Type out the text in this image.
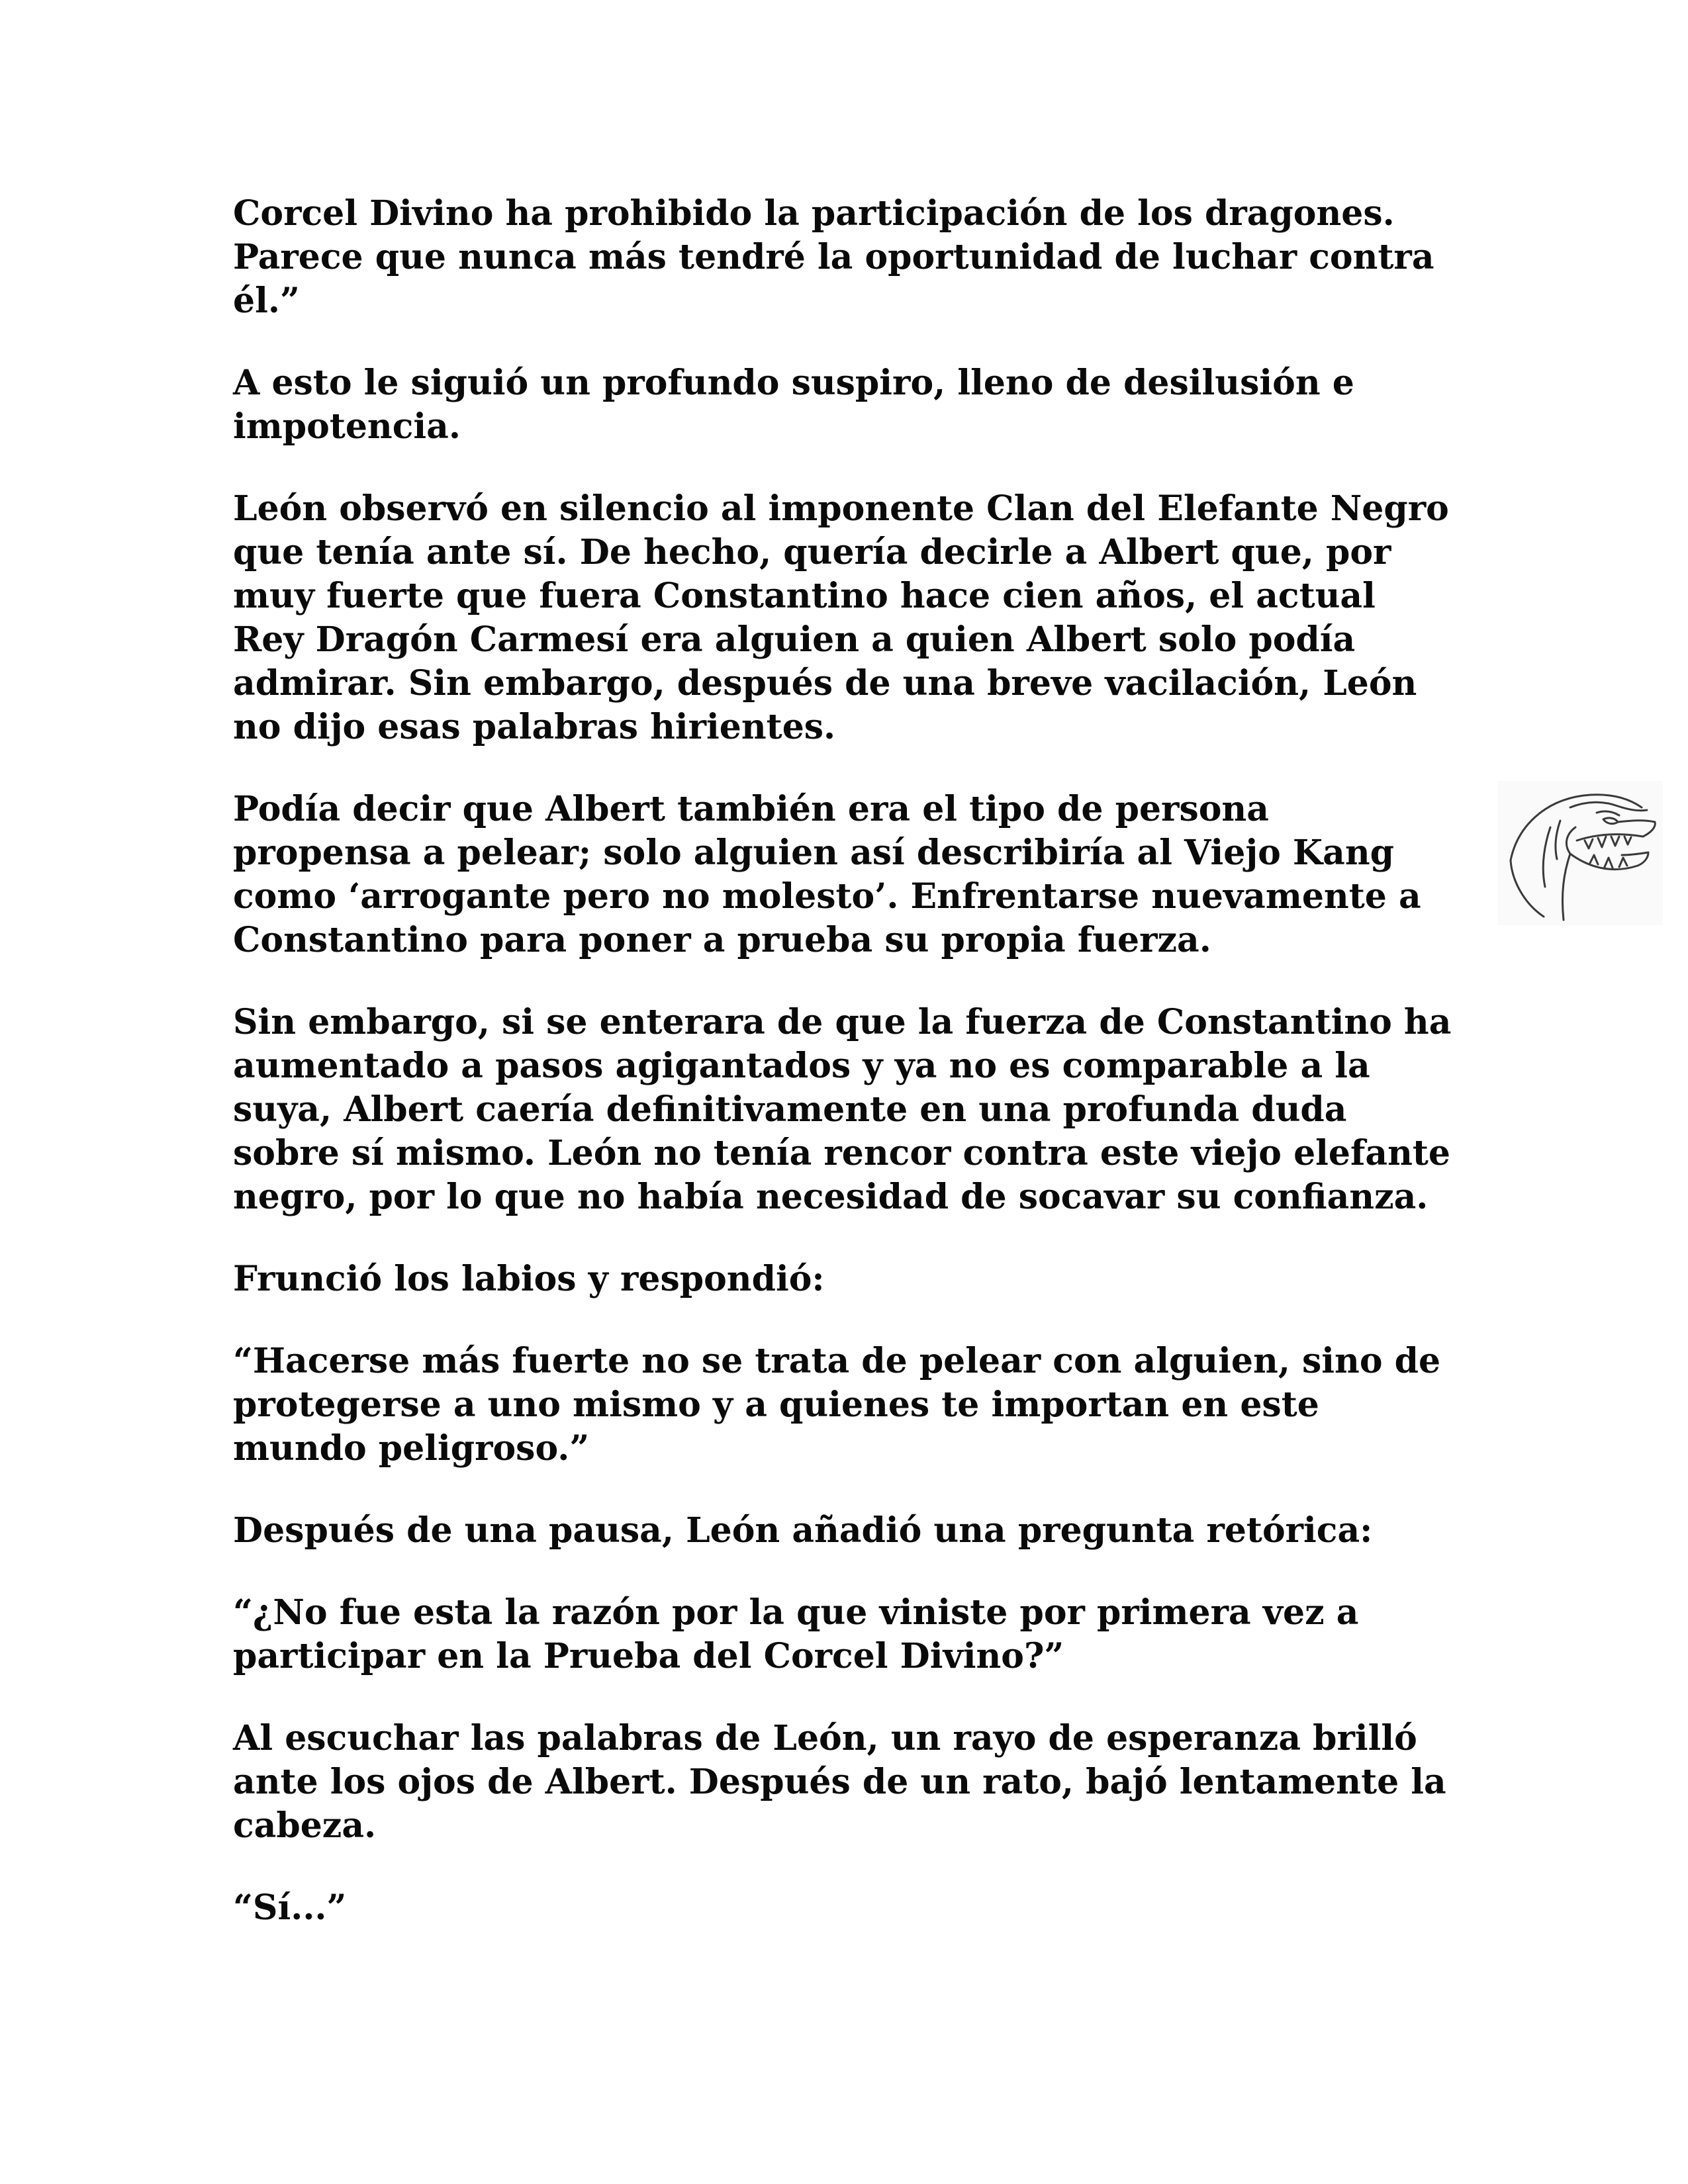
Corcel Divino ha prohibido la participación de los dragones.
Parece que nunca más tendré la oportunidad de luchar contra
él.”

A esto le siguió un profundo suspiro, lleno de desilusión e
impotencia.

León observó en silencio al imponente Clan del Elefante Negro
que tenía ante sí. De hecho, quería decirle a Albert que, por
muy fuerte que fuera Constantino hace cien años, el actual
Rey Dragón Carmesí era alguien a quien Albert solo podía
admirar. Sin embargo, después de una breve vacilación, León
no dijo esas palabras hirientes.

Podía decir que Albert también era el tipo de persona
propensa a pelear; solo alguien así describiría al Viejo Kang
como ‘arrogante pero no molesto’. Enfrentarse nuevamente a
Constantino para poner a prueba su propia fuerza.

Sin embargo, si se enterara de que la fuerza de Constantino ha
aumentado a pasos agigantados y ya no es comparable a la
suya, Albert caería definitivamente en una profunda duda
sobre sí mismo. León no tenía rencor contra este viejo elefante
negro, por lo que no había necesidad de socavar su confianza.

Frunció los labios y respondió:

“Hacerse más fuerte no se trata de pelear con alguien, sino de
protegerse a uno mismo y a quienes te importan en este
mundo peligroso.”

Después de una pausa, León añadió una pregunta retórica:

“¿No fue esta la razón por la que viniste por primera vez a
participar en la Prueba del Corcel Divino?”

Al escuchar las palabras de León, un rayo de esperanza brilló
ante los ojos de Albert. Después de un rato, bajó lentamente la
cabeza.

“Sí...”
